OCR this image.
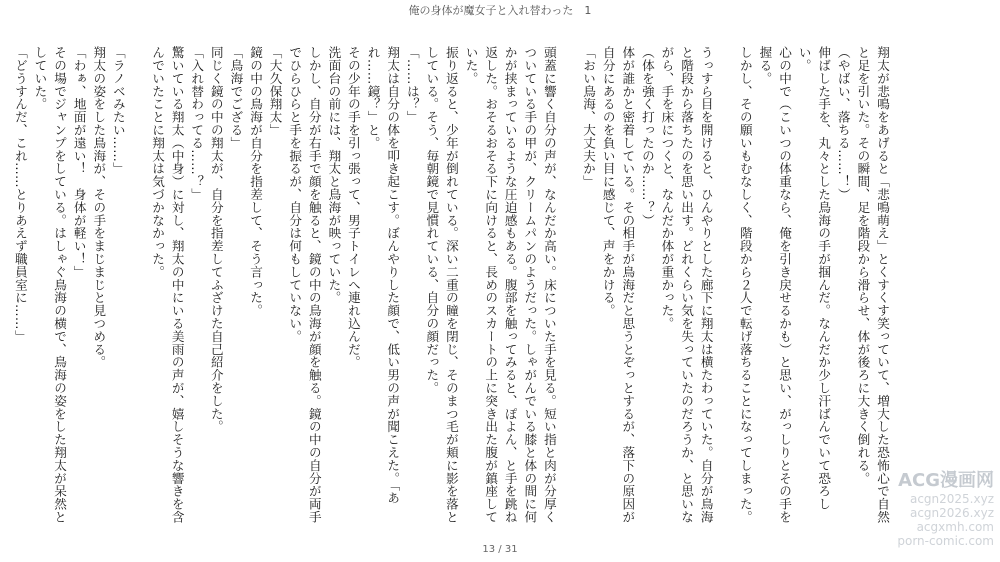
俺の身体が魔女子と入れ替わった　1

翔太が悲鳴をあげると「悲鳴萌え」とくすくす笑っていて、増大した恐怖心で自然と足を引いた。その瞬間、足を階段から滑らせ、体が後ろに大きく倒れる。

（やばい、落ちる……！）

伸ばした手を、丸々とした鳥海の手が掴んだ。なんだか少し汗ばんでいて恐ろしい。

心の中で（こいつの体重なら、俺を引き戻せるかも）と思い、がっしりとその手を握る。

しかし、その願いもむなしく、階段から２人で転げ落ちることになってしまった。

うっすら目を開けると、ひんやりとした廊下に翔太は横たわっていた。自分が鳥海と階段から落ちたのを思い出す。どれくらい気を失っていたのだろうか、と思いながら、手を床につくと、なんだか体が重かった。

（体を強く打ったのか……？）

体が誰かと密着している。その相手が鳥海だと思うとぞっとするが、落下の原因が自分にあるのを負い目に感じて、声をかける。

「おい鳥海、大丈夫か」

頭蓋に響く自分の声が、なんだか高い。床についた手を見る。短い指と肉が分厚くついている手の甲が、クリームパンのようだった。しゃがんでいる膝と体の間に何かが挟まっているような圧迫感もある。腹部を触ってみると、ぽよん、と手を跳ね返した。おそるおそる下に向けると、長めのスカートの上に突き出た腹が鎮座していた。

振り返ると、少年が倒れている。深い二重の瞳を閉じ、そのまつ毛が頬に影を落としている。そう、毎朝鏡で見慣れている、自分の顔だった。

「……は？」

翔太は自分の体を叩き起こす。ぼんやりした顔で、低い男の声が聞こえた。「あれ……鏡？」と。

その少年の手を引っ張って、男子トイレへ連れ込んだ。

洗面台の前には、翔太と鳥海が映っていた。

しかし、自分が右手で顔を触ると、鏡の中の鳥海が顔を触る。鏡の中の自分が両手でひらひらと手を振るが、自分は何もしていない。

「大久保翔太」

鏡の中の鳥海が自分を指差して、そう言った。

「鳥海でござる」

同じく鏡の中の翔太が、自分を指差してふざけた自己紹介をした。

「入れ替わってる……？」

驚いている翔太（中身）に対し、翔太の中にいる美雨の声が、嬉しそうな響きを含んでいたことに翔太は気づかなかった。

「ラノベみたい……」

翔太の姿をした鳥海が、その手をまじまじと見つめる。

「わぁ、地面が遠い！　身体が軽い！」

その場でジャンプをしている。はしゃぐ鳥海の横で、鳥海の姿をした翔太が呆然としていた。

「どうすんだ、これ……とりあえず職員室に……」

13 / 31
ACG漫画网
acgn2025.xyz
acgn2026.xyz
acgxmh.com
porn-comic.com
